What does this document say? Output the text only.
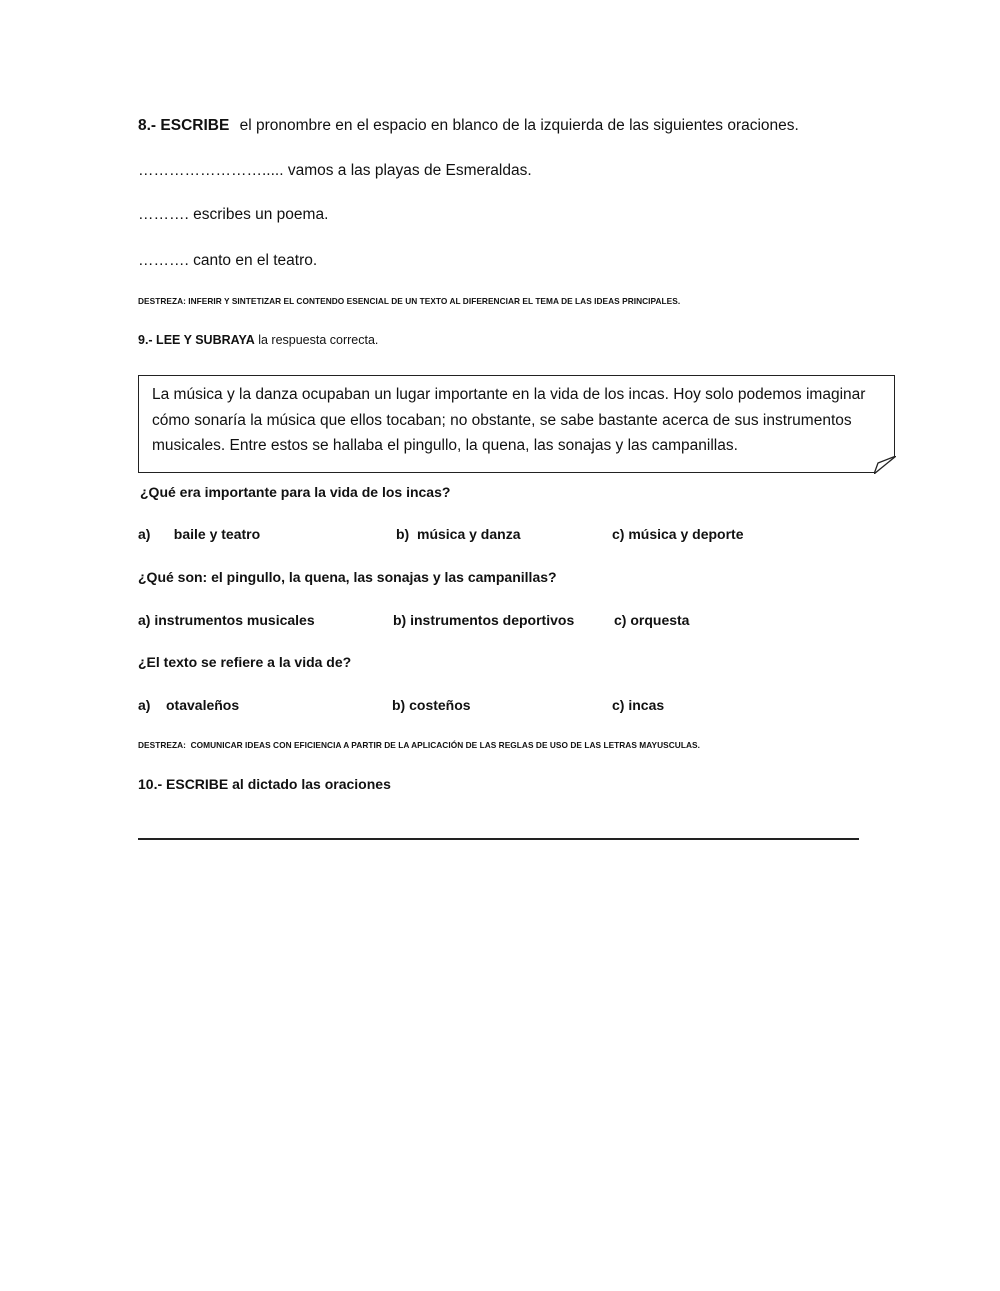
8.- ESCRIBE el pronombre en el espacio en blanco de la izquierda de las siguientes oraciones.
……………………..... vamos a las playas de Esmeraldas.
………. escribes un poema.
………. canto en el teatro.
DESTREZA: INFERIR Y SINTETIZAR EL CONTENDO ESENCIAL DE UN TEXTO AL DIFERENCIAR EL TEMA DE LAS IDEAS PRINCIPALES.
9.- LEE Y SUBRAYA la respuesta correcta.
La música y la danza ocupaban un lugar importante en la vida de los incas. Hoy solo podemos imaginar cómo sonaría la música que ellos tocaban; no obstante, se sabe bastante acerca de sus instrumentos musicales. Entre estos se hallaba el pingullo, la quena, las sonajas y las campanillas.
¿Qué era importante para la vida de los incas?
a)      baile y teatro	b)  música y danza	c) música y deporte
¿Qué son: el pingullo, la quena, las sonajas y las campanillas?
a) instrumentos musicales	b) instrumentos deportivos	c) orquesta
¿El texto se refiere a la vida de?
a)    otavaleños	b) costeños	c) incas
DESTREZA:  COMUNICAR IDEAS CON EFICIENCIA A PARTIR DE LA APLICACIÓN DE LAS REGLAS DE USO DE LAS LETRAS MAYUSCULAS.
10.- ESCRIBE al dictado las oraciones
